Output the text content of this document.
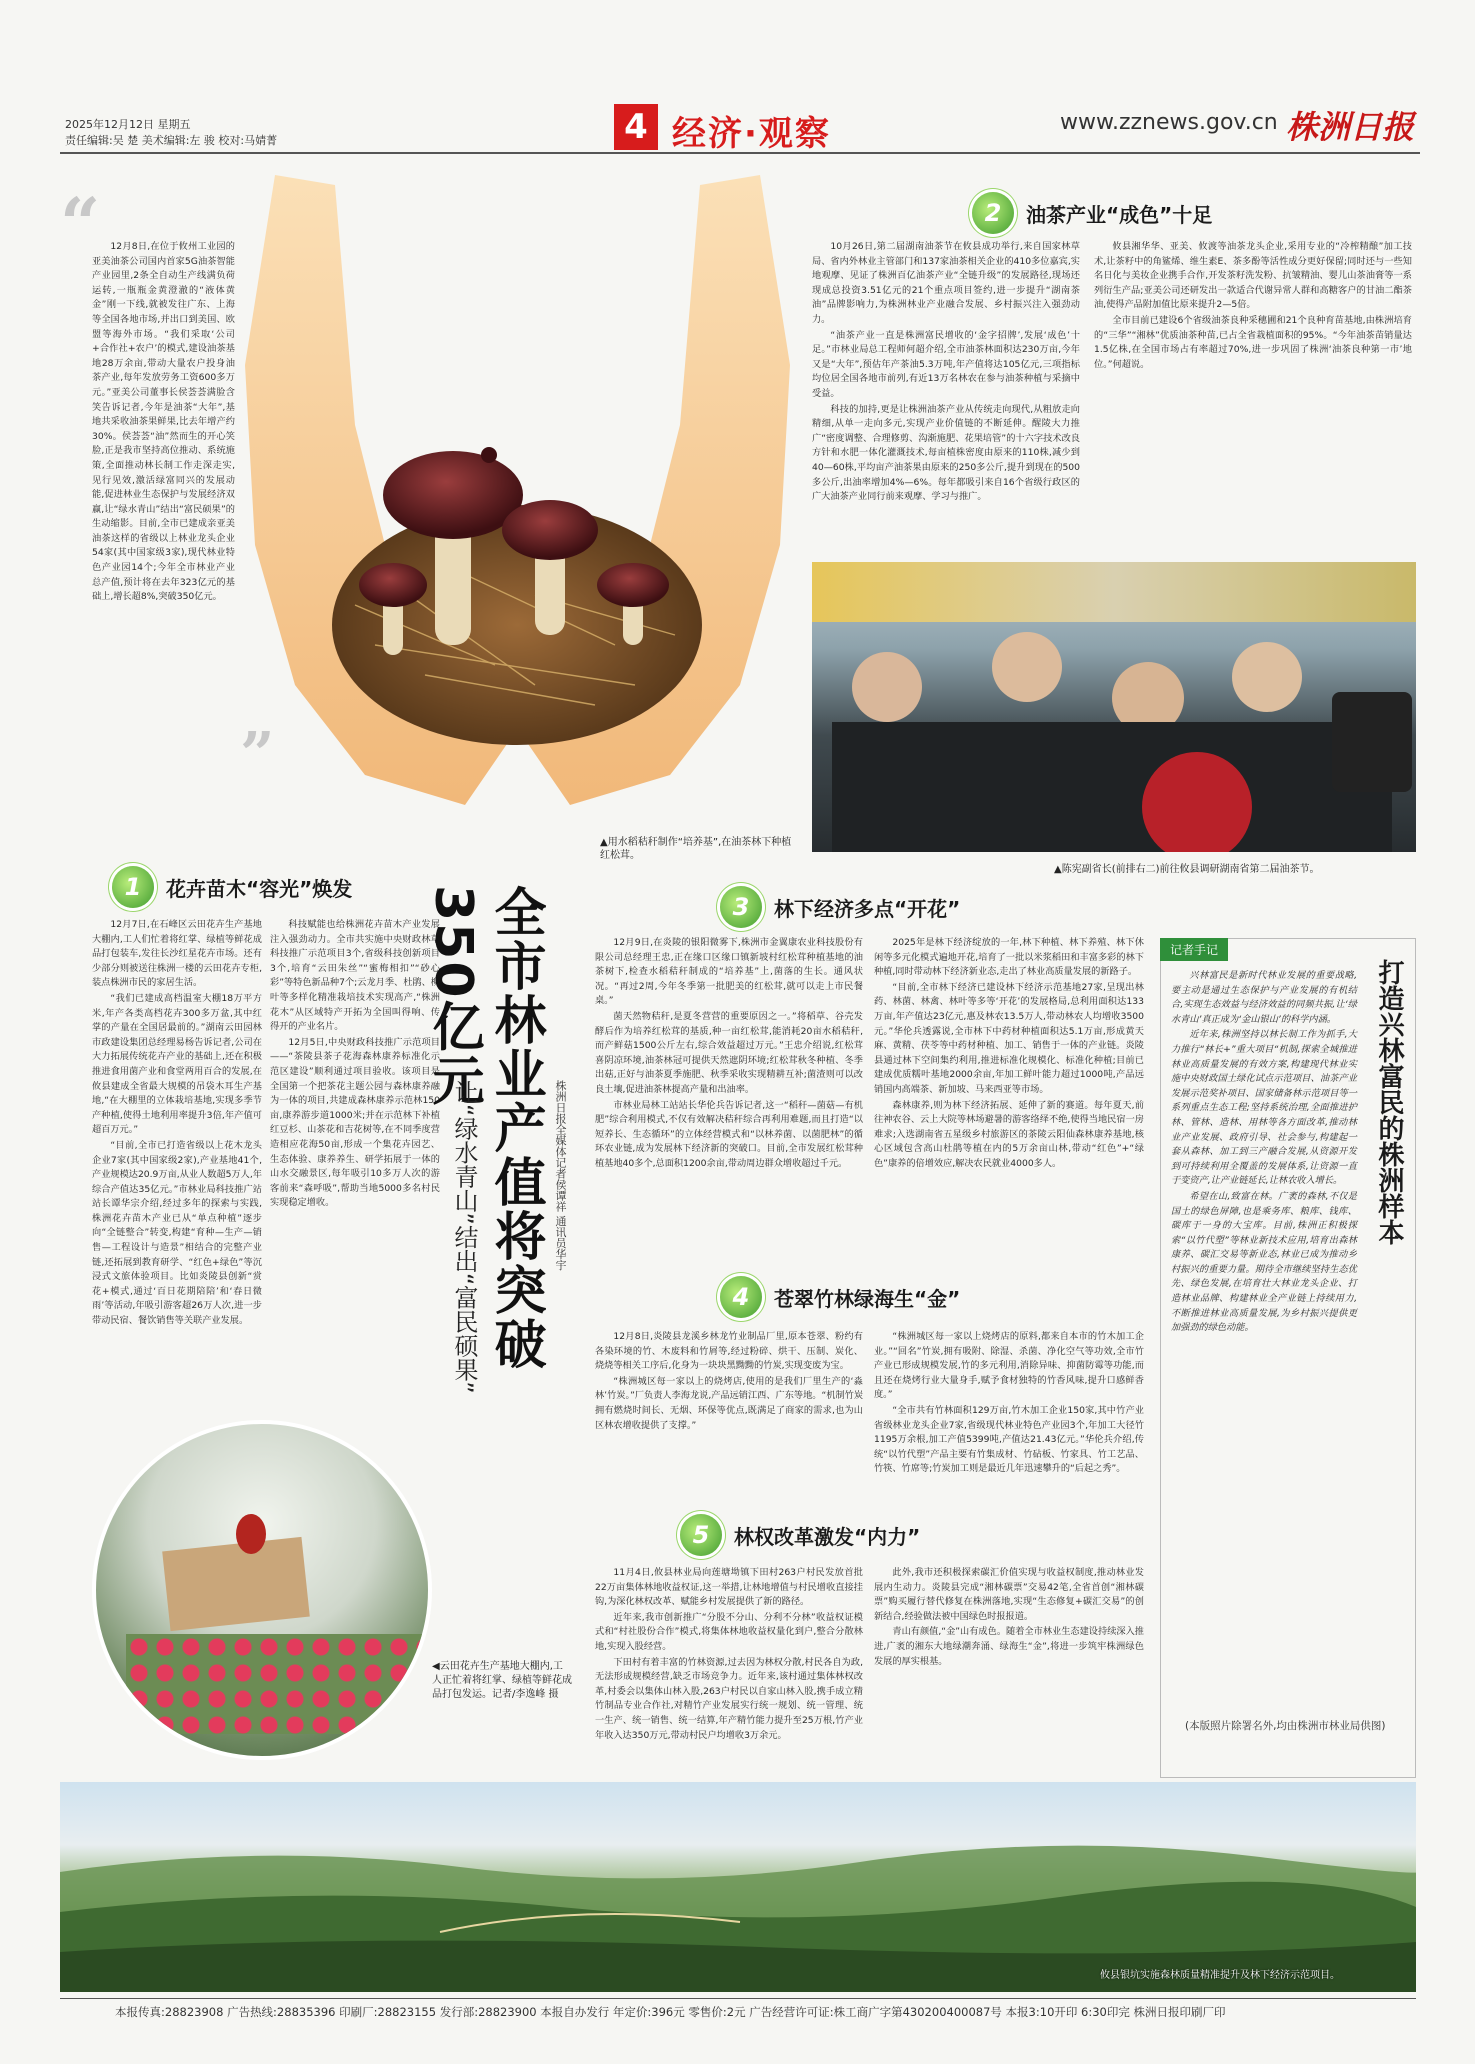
2025年12月12日 星期五
责任编辑:吴 楚 美术编辑:左 骏 校对:马婧菁	4 经济·观察	www.zznews.gov.cn 株洲日报
“
”
12月8日,在位于攸州工业园的亚美油茶公司国内首家5G油茶智能产业园里,2条全自动生产线满负荷运转,一瓶瓶金黄澄澈的“液体黄金”刚一下线,就被发往广东、上海等全国各地市场,并出口到美国、欧盟等海外市场。“我们采取‘公司+合作社+农户’的模式,建设油茶基地28万余亩,带动大量农户投身油茶产业,每年发放劳务工资600多万元。”亚美公司董事长侯荟荟满脸含笑告诉记者,今年是油茶“大年”,基地共采收油茶果鲜果,比去年增产约30%。侯荟荟“油”然而生的开心笑脸,正是我市坚持高位推动、系统施策,全面推动林长制工作走深走实,见行见效,激活绿富同兴的发展动能,促进林业生态保护与发展经济双赢,让“绿水青山”结出“富民硕果”的生动缩影。目前,全市已建成亲亚美油茶这样的省级以上林业龙头企业54家(其中国家级3家),现代林业特色产业园14个;今年全市林业产业总产值,预计将在去年323亿元的基础上,增长超8%,突破350亿元。
▲用水稻秸秆制作“培养基”,在油茶林下种植红松茸。
2	油茶产业“成色”十足

10月26日,第二届湖南油茶节在攸县成功举行,来自国家林草局、省内外林业主管部门和137家油茶相关企业的410多位嘉宾,实地观摩、见证了株洲百亿油茶产业“全链升级”的发展路径,现场还现成总投资3.51亿元的21个重点项目签约,进一步提升“湖南茶油”品牌影响力,为株洲林业产业融合发展、乡村振兴注入强劲动力。

“油茶产业一直是株洲富民增收的‘金字招牌’,发展‘成色’十足。”市林业局总工程师何超介绍,全市油茶林面积达230万亩,今年又是“大年”,预估年产茶油5.3万吨,年产值将达105亿元,三项指标均位居全国各地市前列,有近13万名林农在参与油茶种植与采摘中受益。

科技的加持,更是让株洲油茶产业从传统走向现代,从粗放走向精细,从单一走向多元,实现产业价值链的不断延伸。醒陵大力推广“密度调整、合理修剪、沟渐施肥、花果培管”的十六字技术改良方针和水肥一体化灌溉技术,每亩植株密度由原来的110株,减少到40—60株,平均亩产油茶果由原来的250多公斤,提升到现在的500多公斤,出油率增加4%—6%。每年都吸引来自16个省级行政区的广大油茶产业同行前来观摩、学习与推广。

攸县湘华华、亚美、攸渡等油茶龙头企业,采用专业的“冷榨精酿”加工技术,让茶籽中的角鲨烯、维生素E、茶多酚等活性成分更好保留;同时还与一些知名日化与美妆企业携手合作,开发茶籽洗发粉、抗皱精油、婴儿山茶油膏等一系列衍生产品;亚美公司还研发出一款适合代谢异常人群和高糖客户的甘油二酯茶油,使得产品附加值比原来提升2—5倍。

全市目前已建设6个省级油茶良种采穗圃和21个良种育苗基地,由株洲培育的“三华”“湘林”优质油茶种苗,已占全省栽植面积的95%。“今年油茶苗销量达1.5亿株,在全国市场占有率超过70%,进一步巩固了株洲‘油茶良种第一市’地位。”何超说。

▲陈宪副省长(前排右二)前往攸县调研湖南省第二届油茶节。
1	花卉苗木“容光”焕发

12月7日,在石峰区云田花卉生产基地大棚内,工人们忙着将红掌、绿植等鲜花成品打包装车,发往长沙红星花卉市场。还有少部分则被送往株洲一楼的云田花卉专柜,装点株洲市民的家居生活。

“我们已建成高档温室大棚18万平方米,年产各类高档花卉300多万盆,其中红掌的产量在全国居最前的。”湖南云田园林市政建设集团总经理易杨告诉记者,公司在大力拓展传统花卉产业的基础上,还在积极推进食用菌产业和食堂两用百合的发展,在攸县建成全省最大规模的吊袋木耳生产基地,“在大棚里的立体栽培基地,实现多季节产种植,使得土地利用率提升3倍,年产值可超百万元。”

“目前,全市已打造省级以上花木龙头企业7家(其中国家级2家),产业基地41个,产业规模达20.9万亩,从业人数超5万人,年综合产值达35亿元。”市林业局科技推广站站长谭华宗介绍,经过多年的探索与实践,株洲花卉苗木产业已从“单点种植”逐步向“全链整合”转变,构建“育种—生产—销售—工程设计与造景”相结合的完整产业链,还拓展到教育研学、“红色+绿色”等沉浸式文旅体验项目。比如炎陵县创新“赏花+模式,通过‘百日花期陪陪’和‘春日微雨’等活动,年吸引游客超26万人次,进一步带动民宿、餐饮销售等关联产业发展。

科技赋能也给株洲花卉苗木产业发展注入强劲动力。全市共实施中央财政林草科技推广示范项目3个,省级科技创新项目3个,培育“云田朱丝”“蜜梅相扣”“砂心彩”等特色新品种7个;云龙月季、杜鹃、柳叶等多样化精准栽培技术实现高产,“株洲花木”从区域特产开拓为全国叫得响、传得开的产业名片。

12月5日,中央财政科技推广示范项目——“茶陵县茶子花海森林康养标准化示范区建设”顺利通过项目验收。该项目是全国第一个把茶花主题公园与森林康养融为一体的项目,共建成森林康养示范林150亩,康养游步道1000米;并在示范林下补植红豆杉、山茶花和吉花树等,在不同季度营造相应花海50亩,形成一个集花卉园艺、生态体验、康养养生、研学拓展于一体的山水交融景区,每年吸引10多万人次的游客前来“森呼吸”,帮助当地5000多名村民实现稳定增收。	全市林业产值将突破350亿元
让“绿水青山”结出“富民硕果”	株洲日报全媒体记者侯谭祥 通讯员华宇
3	林下经济多点“开花”

12月9日,在炎陵的银阳微雾下,株洲市金翼康农业科技股份有限公司总经理王忠,正在缘口区缘口镇新坡村红松茸种植基地的油茶树下,检查水稻秸秆制成的“培养基”上,菌落的生长。通风状况。“再过2周,今年冬季第一批肥美的红松茸,就可以走上市民餐桌。”

菌天然物秸秆,是夏冬营营的重要原因之一。”将稻草、谷壳发酵后作为培养红松茸的基质,种一亩红松茸,能消耗20亩水稻秸秆,而产鲜菇1500公斤左右,综合效益超过万元。”王忠介绍说,红松茸喜阴凉环境,油茶林冠可提供天然遮阴环境;红松茸秋冬种植、冬季出菇,正好与油茶夏季施肥、秋季采收实现精耕互补;菌渣则可以改良土壤,促进油茶林提高产量和出油率。

市林业局林工站站长华伦兵告诉记者,这一“稻秆—菌菇—有机肥”综合利用模式,不仅有效解决秸秆综合再利用难题,而且打造“以短养长、生态循环”的立体经营模式和“以林养菌、以菌肥林”的循环农业链,成为发展林下经济新的突破口。目前,全市发展红松茸种植基地40多个,总面积1200余亩,带动周边群众增收超过千元。

2025年是林下经济绽放的一年,林下种植、林下养殖、林下休闲等多元化模式遍地开花,培育了一批以米浆稻田和丰富多彩的林下种植,同时带动林下经济新业态,走出了林业高质量发展的新路子。

“目前,全市林下经济已建设林下经济示范基地27家,呈现出林药、林菌、林禽、林叶等多等‘开花’的发展格局,总利用面积达133万亩,年产值达23亿元,惠及林农13.5万人,带动林农人均增收3500元。”华伦兵透露说,全市林下中药材种植面积达5.1万亩,形成黄天麻、黄精、茯苓等中药材种植、加工、销售于一体的产业链。炎陵县通过林下空间集约利用,推进标准化规模化、标准化种植;目前已建成优质糯叶基地2000余亩,年加工鲜叶能力超过1000吨,产品远销国内高端茶、新加坡、马来西亚等市场。

森林康养,则为林下经济拓展、延伸了新的赛道。每年夏天,前往神农谷、云上大院等林场避暑的游客络绎不绝,使得当地民宿一房难求;入选湖南省五星级乡村旅游区的茶陵云阳仙森林康养基地,核心区域包含高山杜鹃等植在内的5万余亩山林,带动“红色”+“绿色”康养的倍增效应,解决农民就业4000多人。

4	苍翠竹林绿海生“金”

12月8日,炎陵县龙溪乡林龙竹业制品厂里,原本苍翠、粉约有各染环境的竹、木废料和竹屑等,经过粉碎、烘干、压制、炭化、烧烧等相关工序后,化身为一块块黑黝黝的竹炭,实现变废为宝。

“株洲城区每一家以上的烧烤店,使用的是我们厂里生产的‘淼林’竹炭。”厂负责人李海龙说,产品远销江西、广东等地。“机制竹炭拥有燃烧时间长、无烟、环保等优点,既满足了商家的需求,也为山区林农增收提供了支撑。”

“株洲城区每一家以上烧烤店的原料,都来自本市的竹木加工企业。”“回名”竹炭,拥有吸附、除湿、杀菌、净化空气等功效,全市竹产业已形成规模发展,竹的多元利用,消除异味、抑菌防霉等功能,而且还在烧烤行业大量身手,赋予食材独特的竹香风味,提升口感鲜香度。”

“全市共有竹林面积129万亩,竹木加工企业150家,其中竹产业省级林业龙头企业7家,省级现代林业特色产业园3个,年加工大径竹1195万余根,加工产值5399吨,产值达21.43亿元。”华伦兵介绍,传统“以竹代塑”产品主要有竹集成材、竹砧板、竹家具、竹工艺品、竹筷、竹席等;竹炭加工则是最近几年迅速攀升的“后起之秀”。

5	林权改革激发“内力”

11月4日,攸县林业局向莲塘坳镇下田村263户村民发放首批22万亩集体林地收益权证,这一举措,让林地增值与村民增收直接挂钩,为深化林权改革、赋能乡村发展提供了新的路径。

近年来,我市创新推广“分股不分山、分利不分林”收益权证模式和“村社股份合作”模式,将集体林地收益权量化到户,整合分散林地,实现入股经营。

下田村有着丰富的竹林资源,过去因为林权分散,村民各自为政,无法形成规模经营,缺乏市场竞争力。近年来,该村通过集体林权改革,村委会以集体山林入股,263户村民以自家山林入股,携手成立精竹制品专业合作社,对精竹产业发展实行统一规划、统一管理、统一生产、统一销售、统一结算,年产精竹能力提升至25万根,竹产业年收入达350万元,带动村民户均增收3万余元。

此外,我市还积极探索碳汇价值实现与收益权制度,推动林业发展内生动力。炎陵县完成“湘林碳票”交易42笔,全省首创“湘林碳票”购买履行替代修复在株洲落地,实现“生态修复+碳汇交易”的创新结合,经验做法被中国绿色时报报道。

青山有颜值,“金”山有成色。随着全市林业生态建设持续深入推进,广袤的湘东大地绿潮奔涌、绿海生“金”,将进一步筑牢株洲绿色发展的厚实根基。

记者手记
打造兴林富民的株洲样本

兴林富民是新时代林业发展的重要战略,要主动是通过生态保护与产业发展的有机结合,实现生态效益与经济效益的同频共振,让‘绿水青山’真正成为‘金山银山’的科学内涵。

近年来,株洲坚持以林长制工作为抓手,大力推行“林长+”重大项目“机制,探索全城推进林业高质量发展的有效方案,构建现代林业实施中央财政国土绿化试点示范项目、油茶产业发展示范奖补项目、国家储备林示范项目等一系列重点生态工程;坚持系统治理,全面推进护林、管林、造林、用林等各方面改革,推动林业产业发展、政府引导、社会参与,构建起一套从森林、加工到三产融合发展,从资源开发到可持续利用全覆盖的发展体系,让资源一直于变资产,让产业链延长,让林农收入增长。

希望在山,致富在林。广袤的森林,不仅是国土的绿色屏障,也是乘务库、粮库、钱库、碳库于一身的大宝库。目前,株洲正积极探索“以竹代塑”等林业新技术应用,培育出森林康养、碳汇交易等新业态,林业已成为推动乡村振兴的重要力量。期待全市继续坚持生态优先、绿色发展,在培育壮大林业龙头企业、打造林业品牌、构建林业全产业链上持续用力,不断推进林业高质量发展,为乡村振兴提供更加强劲的绿色动能。

(本版照片除署名外,均由株洲市林业局供图)
◀云田花卉生产基地大棚内,工人正忙着将红掌、绿植等鲜花成品打包发运。记者/李逸峰 摄
攸县银坑实施森林质量精准提升及林下经济示范项目。
本报传真:28823908 广告热线:28835396 印刷厂:28823155 发行部:28823900 本报自办发行 年定价:396元 零售价:2元 广告经营许可证:株工商广字第430200400087号 本报3:10开印 6:30印完 株洲日报印刷厂印
